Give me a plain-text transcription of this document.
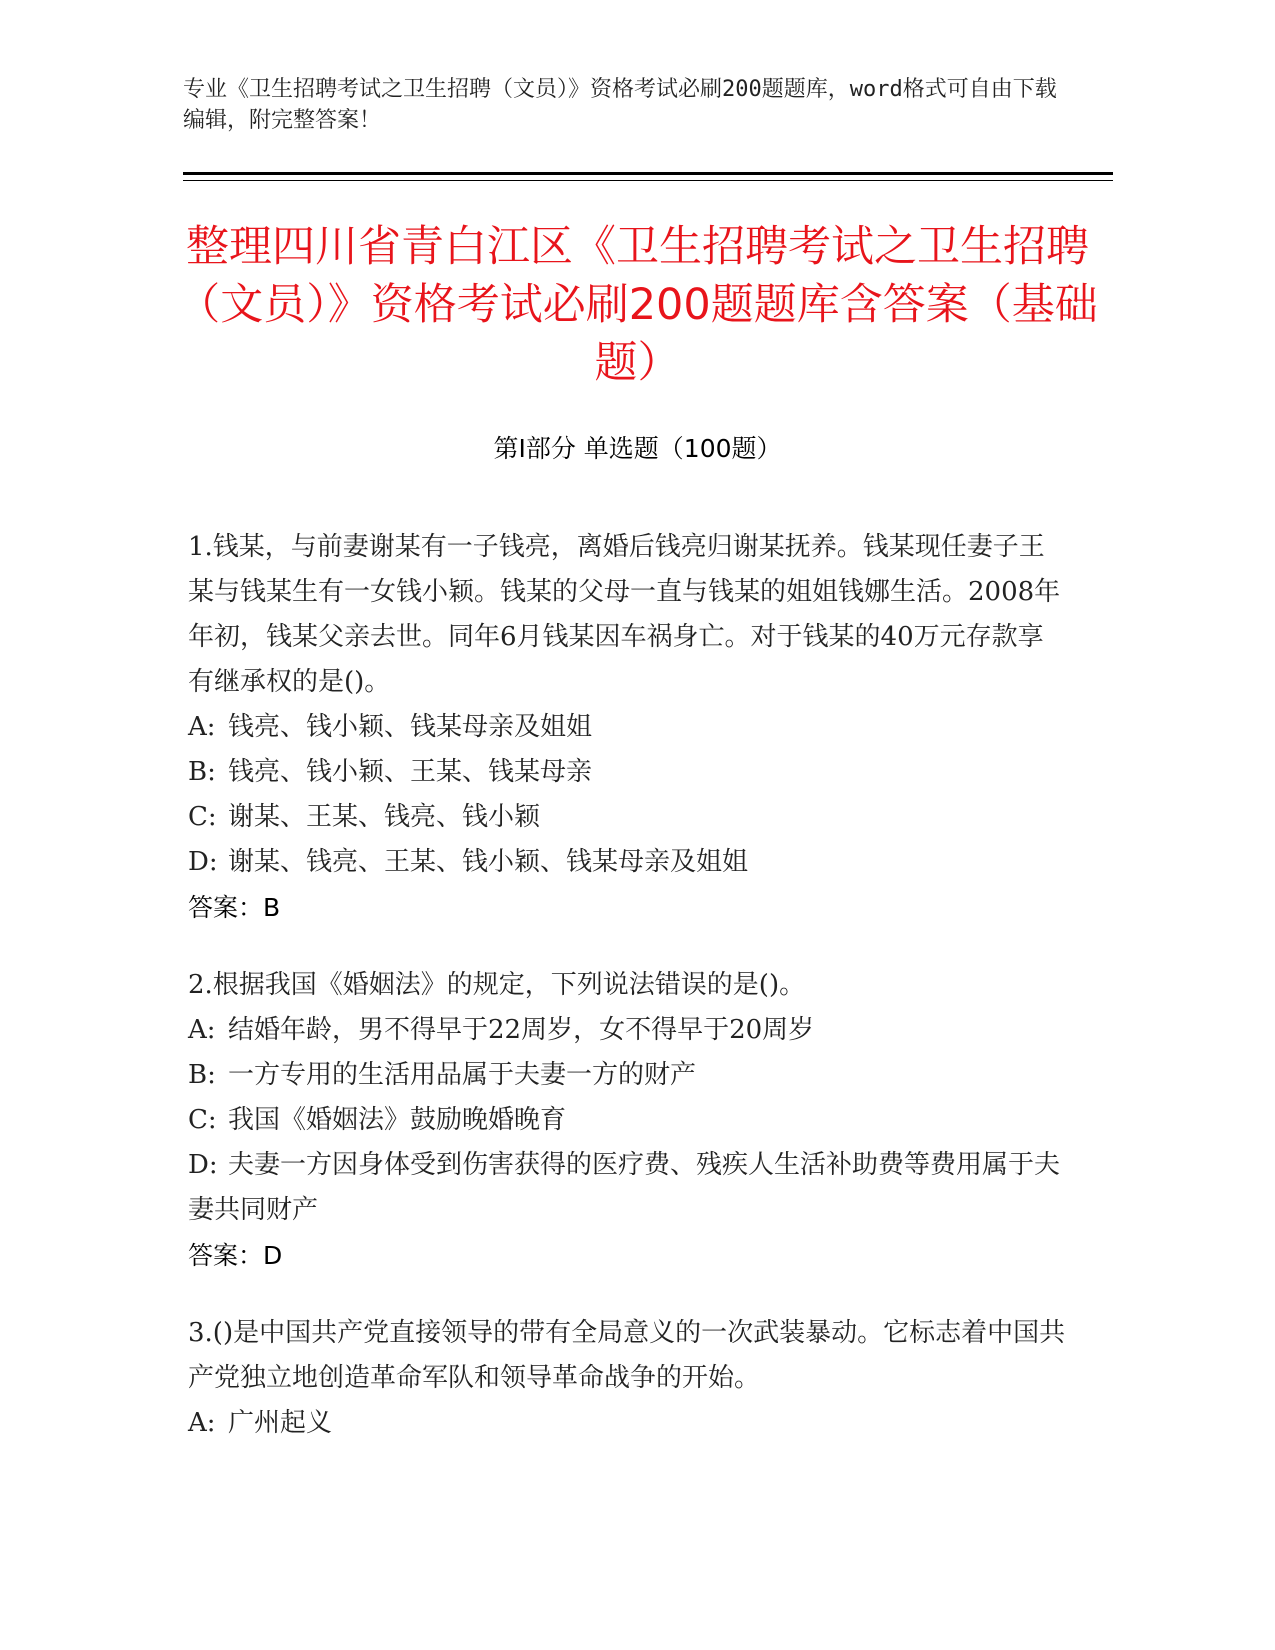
专业《卫生招聘考试之卫生招聘（文员）》资格考试必刷200题题库，word格式可自由下载编辑，附完整答案！
整理四川省青白江区《卫生招聘考试之卫生招聘（文员）》资格考试必刷200题题库含答案（基础题）
第Ⅰ部分 单选题（100题）
1.钱某，与前妻谢某有一子钱亮，离婚后钱亮归谢某抚养。钱某现任妻子王某与钱某生有一女钱小颖。钱某的父母一直与钱某的姐姐钱娜生活。2008年年初，钱某父亲去世。同年6月钱某因车祸身亡。对于钱某的40万元存款享有继承权的是()。
A: 钱亮、钱小颖、钱某母亲及姐姐
B: 钱亮、钱小颖、王某、钱某母亲
C: 谢某、王某、钱亮、钱小颖
D: 谢某、钱亮、王某、钱小颖、钱某母亲及姐姐
答案：B
2.根据我国《婚姻法》的规定，下列说法错误的是()。
A: 结婚年龄，男不得早于22周岁，女不得早于20周岁
B: 一方专用的生活用品属于夫妻一方的财产
C: 我国《婚姻法》鼓励晚婚晚育
D: 夫妻一方因身体受到伤害获得的医疗费、残疾人生活补助费等费用属于夫妻共同财产
答案：D
3.()是中国共产党直接领导的带有全局意义的一次武装暴动。它标志着中国共产党独立地创造革命军队和领导革命战争的开始。
A: 广州起义
